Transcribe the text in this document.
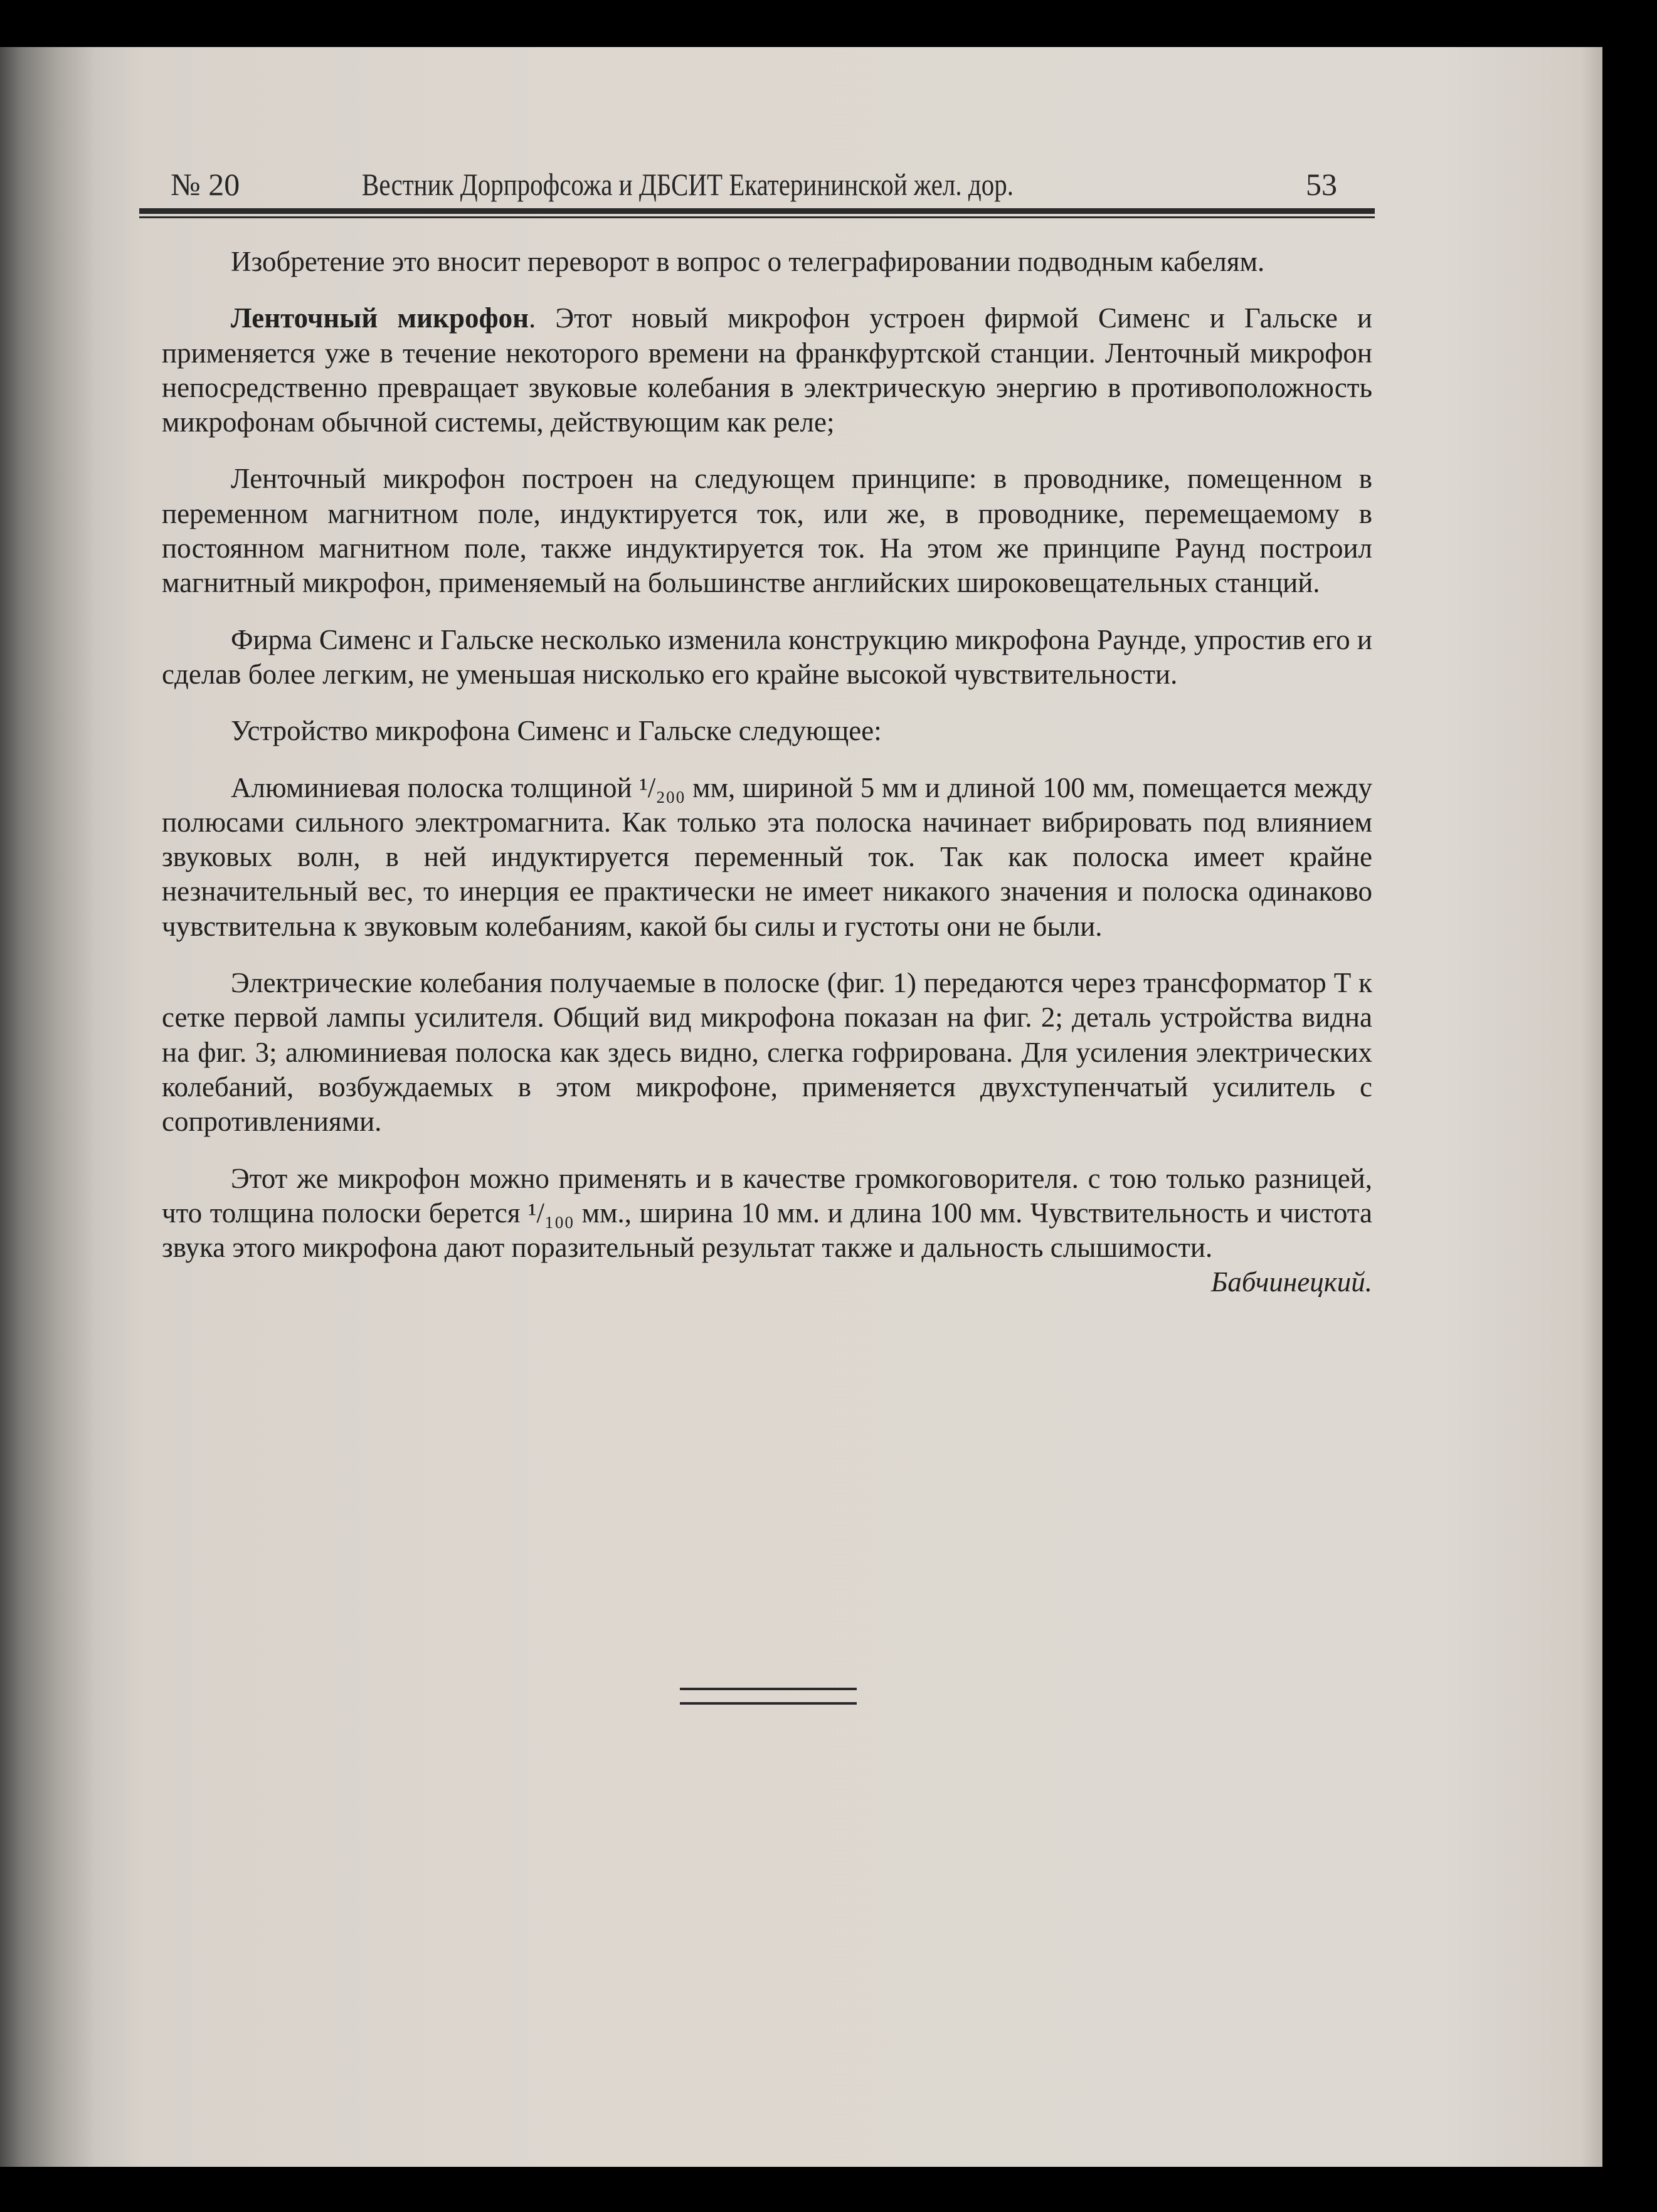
№ 20	Вестник Дорпрофсожа и ДБСИТ Екатерининской жел. дор.	53

Изобретение это вносит переворот в вопрос о телеграфировании подводным кабелям.

Ленточный микрофон. Этот новый микрофон устроен фирмой Сименс и Гальске и применяется уже в течение некоторого времени на франкфуртской станции. Ленточный микрофон непосредственно превращает звуковые колебания в электрическую энергию в противоположность микрофонам обычной системы, действующим как реле;

Ленточный микрофон построен на следующем принципе: в проводнике, помещенном в переменном магнитном поле, индуктируется ток, или же, в проводнике, перемещаемому в постоянном магнитном поле, также индуктируется ток. На этом же принципе Раунд построил магнитный микрофон, применяемый на большинстве английских широковещательных станций.

Фирма Сименс и Гальске несколько изменила конструкцию микрофона Раунде, упростив его и сделав более легким, не уменьшая нисколько его крайне высокой чувствительности.

Устройство микрофона Сименс и Гальске следующее:

Алюминиевая полоска толщиной ¹/₂₀₀ мм, шириной 5 мм и длиной 100 мм, помещается между полюсами сильного электромагнита. Как только эта полоска начинает вибрировать под влиянием звуковых волн, в ней индуктируется переменный ток. Так как полоска имеет крайне незначительный вес, то инерция ее практически не имеет никакого значения и полоска одинаково чувствительна к звуковым колебаниям, какой бы силы и густоты они не были.

Электрические колебания получаемые в полоске (фиг. 1) передаются через трансформатор Т к сетке первой лампы усилителя. Общий вид микрофона показан на фиг. 2; деталь устройства видна на фиг. 3; алюминиевая полоска как здесь видно, слегка гофрирована. Для усиления электрических колебаний, возбуждаемых в этом микрофоне, применяется двухступенчатый усилитель с сопротивлениями.

Этот же микрофон можно применять и в качестве громкоговорителя. с тою только разницей, что толщина полоски берется ¹/₁₀₀ мм., ширина 10 мм. и длина 100 мм. Чувствительность и чистота звука этого микрофона дают поразительный результат также и дальность слышимости.
Бабчинецкий.
